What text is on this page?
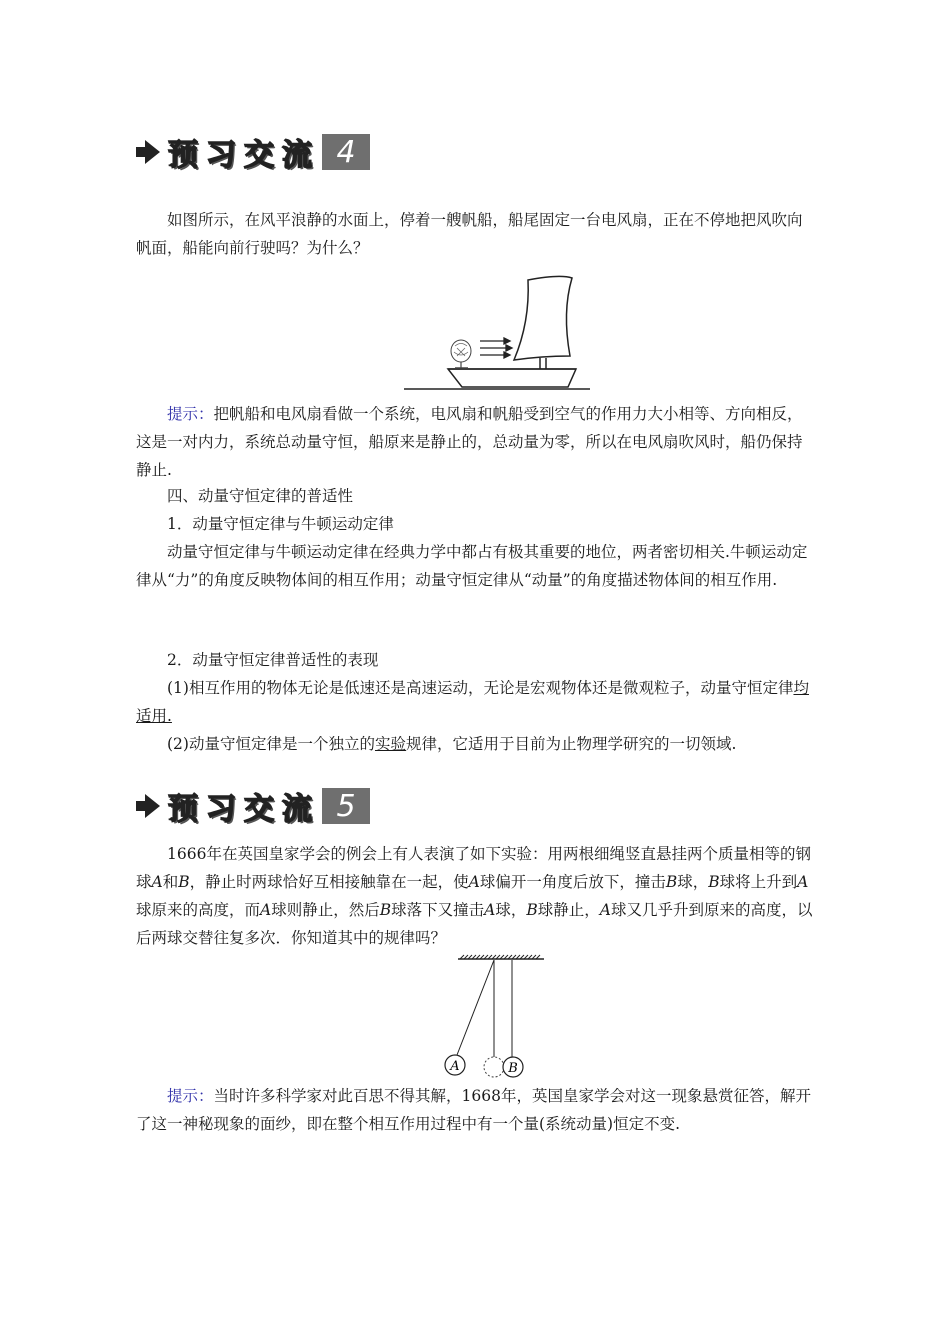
预 习 交 流 4

如图所示，在风平浪静的水面上，停着一艘帆船，船尾固定一台电风扇，正在不停地把风吹向帆面，船能向前行驶吗？为什么？

提示：把帆船和电风扇看做一个系统，电风扇和帆船受到空气的作用力大小相等、方向相反，这是一对内力，系统总动量守恒，船原来是静止的，总动量为零，所以在电风扇吹风时，船仍保持静止.

四、动量守恒定律的普适性

1．动量守恒定律与牛顿运动定律

动量守恒定律与牛顿运动定律在经典力学中都占有极其重要的地位，两者密切相关.牛顿运动定律从“力”的角度反映物体间的相互作用；动量守恒定律从“动量”的角度描述物体间的相互作用.

2．动量守恒定律普适性的表现

(1)相互作用的物体无论是低速还是高速运动，无论是宏观物体还是微观粒子，动量守恒定律均适用.

(2)动量守恒定律是一个独立的实验规律，它适用于目前为止物理学研究的一切领域.

预 习 交 流 5

1666年在英国皇家学会的例会上有人表演了如下实验：用两根细绳竖直悬挂两个质量相等的钢球A和B，静止时两球恰好互相接触靠在一起，使A球偏开一角度后放下，撞击B球，B球将上升到A球原来的高度，而A球则静止，然后B球落下又撞击A球，B球静止，A球又几乎升到原来的高度，以后两球交替往复多次．你知道其中的规律吗？

A	B

提示：当时许多科学家对此百思不得其解，1668年，英国皇家学会对这一现象悬赏征答，解开了这一神秘现象的面纱，即在整个相互作用过程中有一个量(系统动量)恒定不变.
